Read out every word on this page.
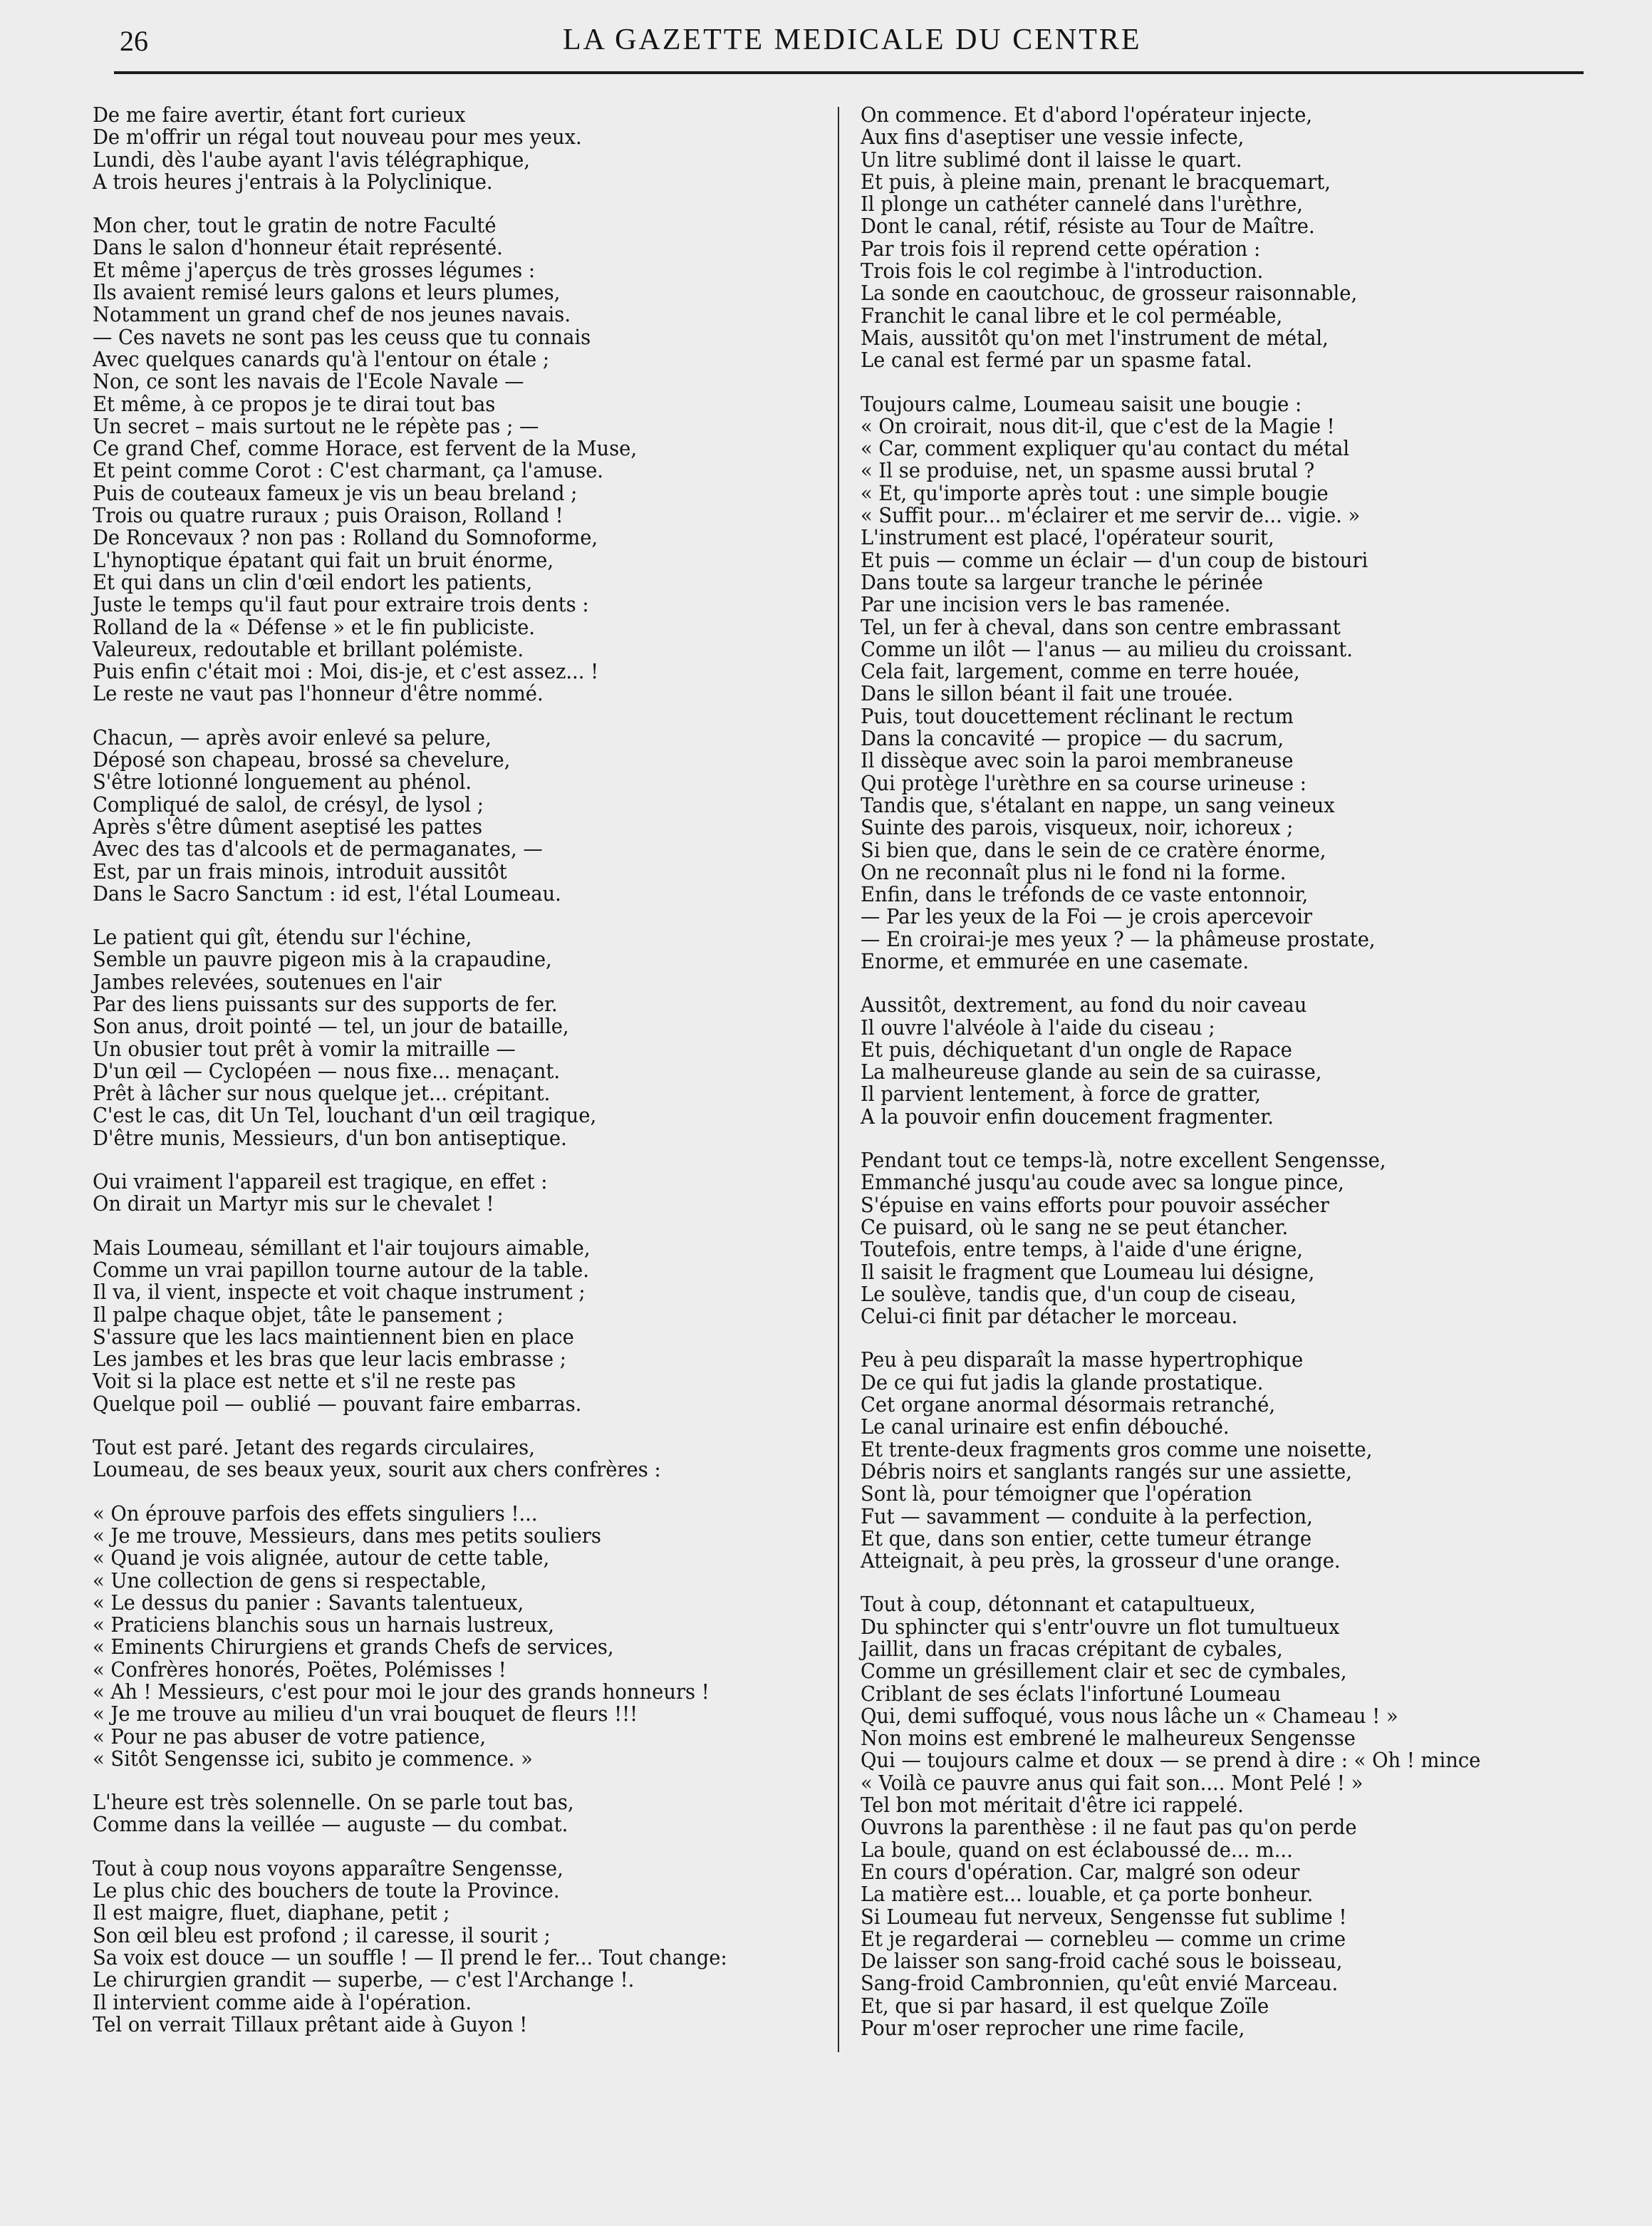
26	LA GAZETTE MEDICALE DU CENTRE
De me faire avertir, étant fort curieux
De m'offrir un régal tout nouveau pour mes yeux.
Lundi, dès l'aube ayant l'avis télégraphique,
A trois heures j'entrais à la Polyclinique.
Mon cher, tout le gratin de notre Faculté
Dans le salon d'honneur était représenté.
Et même j'aperçus de très grosses légumes :
Ils avaient remisé leurs galons et leurs plumes,
Notamment un grand chef de nos jeunes navais.
— Ces navets ne sont pas les ceuss que tu connais
Avec quelques canards qu'à l'entour on étale ;
Non, ce sont les navais de l'Ecole Navale —
Et même, à ce propos je te dirai tout bas
Un secret – mais surtout ne le répète pas ; —
Ce grand Chef, comme Horace, est fervent de la Muse,
Et peint comme Corot : C'est charmant, ça l'amuse.
Puis de couteaux fameux je vis un beau breland ;
Trois ou quatre ruraux ; puis Oraison, Rolland !
De Roncevaux ? non pas : Rolland du Somnoforme,
L'hynoptique épatant qui fait un bruit énorme,
Et qui dans un clin d'œil endort les patients,
Juste le temps qu'il faut pour extraire trois dents :
Rolland de la « Défense » et le fin publiciste.
Valeureux, redoutable et brillant polémiste.
Puis enfin c'était moi : Moi, dis-je, et c'est assez... !
Le reste ne vaut pas l'honneur d'être nommé.
Chacun, — après avoir enlevé sa pelure,
Déposé son chapeau, brossé sa chevelure,
S'être lotionné longuement au phénol.
Compliqué de salol, de crésyl, de lysol ;
Après s'être dûment aseptisé les pattes
Avec des tas d'alcools et de permaganates, —
Est, par un frais minois, introduit aussitôt
Dans le Sacro Sanctum : id est, l'étal Loumeau.
Le patient qui gît, étendu sur l'échine,
Semble un pauvre pigeon mis à la crapaudine,
Jambes relevées, soutenues en l'air
Par des liens puissants sur des supports de fer.
Son anus, droit pointé — tel, un jour de bataille,
Un obusier tout prêt à vomir la mitraille —
D'un œil — Cyclopéen — nous fixe... menaçant.
Prêt à lâcher sur nous quelque jet... crépitant.
C'est le cas, dit Un Tel, louchant d'un œil tragique,
D'être munis, Messieurs, d'un bon antiseptique.
Oui vraiment l'appareil est tragique, en effet :
On dirait un Martyr mis sur le chevalet !
Mais Loumeau, sémillant et l'air toujours aimable,
Comme un vrai papillon tourne autour de la table.
Il va, il vient, inspecte et voit chaque instrument ;
Il palpe chaque objet, tâte le pansement ;
S'assure que les lacs maintiennent bien en place
Les jambes et les bras que leur lacis embrasse ;
Voit si la place est nette et s'il ne reste pas
Quelque poil — oublié — pouvant faire embarras.
Tout est paré. Jetant des regards circulaires,
Loumeau, de ses beaux yeux, sourit aux chers confrères :
« On éprouve parfois des effets singuliers !...
« Je me trouve, Messieurs, dans mes petits souliers
« Quand je vois alignée, autour de cette table,
« Une collection de gens si respectable,
« Le dessus du panier : Savants talentueux,
« Praticiens blanchis sous un harnais lustreux,
« Eminents Chirurgiens et grands Chefs de services,
« Confrères honorés, Poëtes, Polémisses !
« Ah ! Messieurs, c'est pour moi le jour des grands honneurs !
« Je me trouve au milieu d'un vrai bouquet de fleurs !!!
« Pour ne pas abuser de votre patience,
« Sitôt Sengensse ici, subito je commence. »
L'heure est très solennelle. On se parle tout bas,
Comme dans la veillée — auguste — du combat.
Tout à coup nous voyons apparaître Sengensse,
Le plus chic des bouchers de toute la Province.
Il est maigre, fluet, diaphane, petit ;
Son œil bleu est profond ; il caresse, il sourit ;
Sa voix est douce — un souffle ! — Il prend le fer... Tout change:
Le chirurgien grandit — superbe, — c'est l'Archange !.
Il intervient comme aide à l'opération.
Tel on verrait Tillaux prêtant aide à Guyon !
On commence. Et d'abord l'opérateur injecte,
Aux fins d'aseptiser une vessie infecte,
Un litre sublimé dont il laisse le quart.
Et puis, à pleine main, prenant le bracquemart,
Il plonge un cathéter cannelé dans l'urèthre,
Dont le canal, rétif, résiste au Tour de Maître.
Par trois fois il reprend cette opération :
Trois fois le col regimbe à l'introduction.
La sonde en caoutchouc, de grosseur raisonnable,
Franchit le canal libre et le col perméable,
Mais, aussitôt qu'on met l'instrument de métal,
Le canal est fermé par un spasme fatal.
Toujours calme, Loumeau saisit une bougie :
« On croirait, nous dit-il, que c'est de la Magie !
« Car, comment expliquer qu'au contact du métal
« Il se produise, net, un spasme aussi brutal ?
« Et, qu'importe après tout : une simple bougie
« Suffit pour... m'éclairer et me servir de... vigie. »
L'instrument est placé, l'opérateur sourit,
Et puis — comme un éclair — d'un coup de bistouri
Dans toute sa largeur tranche le périnée
Par une incision vers le bas ramenée.
Tel, un fer à cheval, dans son centre embrassant
Comme un ilôt — l'anus — au milieu du croissant.
Cela fait, largement, comme en terre houée,
Dans le sillon béant il fait une trouée.
Puis, tout doucettement réclinant le rectum
Dans la concavité — propice — du sacrum,
Il dissèque avec soin la paroi membraneuse
Qui protège l'urèthre en sa course urineuse :
Tandis que, s'étalant en nappe, un sang veineux
Suinte des parois, visqueux, noir, ichoreux ;
Si bien que, dans le sein de ce cratère énorme,
On ne reconnaît plus ni le fond ni la forme.
Enfin, dans le tréfonds de ce vaste entonnoir,
— Par les yeux de la Foi — je crois apercevoir
— En croirai-je mes yeux ? — la phâmeuse prostate,
Enorme, et emmurée en une casemate.
Aussitôt, dextrement, au fond du noir caveau
Il ouvre l'alvéole à l'aide du ciseau ;
Et puis, déchiquetant d'un ongle de Rapace
La malheureuse glande au sein de sa cuirasse,
Il parvient lentement, à force de gratter,
A la pouvoir enfin doucement fragmenter.
Pendant tout ce temps-là, notre excellent Sengensse,
Emmanché jusqu'au coude avec sa longue pince,
S'épuise en vains efforts pour pouvoir assécher
Ce puisard, où le sang ne se peut étancher.
Toutefois, entre temps, à l'aide d'une érigne,
Il saisit le fragment que Loumeau lui désigne,
Le soulève, tandis que, d'un coup de ciseau,
Celui-ci finit par détacher le morceau.
Peu à peu disparaît la masse hypertrophique
De ce qui fut jadis la glande prostatique.
Cet organe anormal désormais retranché,
Le canal urinaire est enfin débouché.
Et trente-deux fragments gros comme une noisette,
Débris noirs et sanglants rangés sur une assiette,
Sont là, pour témoigner que l'opération
Fut — savamment — conduite à la perfection,
Et que, dans son entier, cette tumeur étrange
Atteignait, à peu près, la grosseur d'une orange.
Tout à coup, détonnant et catapultueux,
Du sphincter qui s'entr'ouvre un flot tumultueux
Jaillit, dans un fracas crépitant de cybales,
Comme un grésillement clair et sec de cymbales,
Criblant de ses éclats l'infortuné Loumeau
Qui, demi suffoqué, vous nous lâche un « Chameau ! »
Non moins est embrené le malheureux Sengensse
Qui — toujours calme et doux — se prend à dire : « Oh ! mince
« Voilà ce pauvre anus qui fait son.... Mont Pelé ! »
Tel bon mot méritait d'être ici rappelé.
Ouvrons la parenthèse : il ne faut pas qu'on perde
La boule, quand on est éclaboussé de... m...
En cours d'opération. Car, malgré son odeur
La matière est... louable, et ça porte bonheur.
Si Loumeau fut nerveux, Sengensse fut sublime !
Et je regarderai — cornebleu — comme un crime
De laisser son sang-froid caché sous le boisseau,
Sang-froid Cambronnien, qu'eût envié Marceau.
Et, que si par hasard, il est quelque Zoïle
Pour m'oser reprocher une rime facile,
